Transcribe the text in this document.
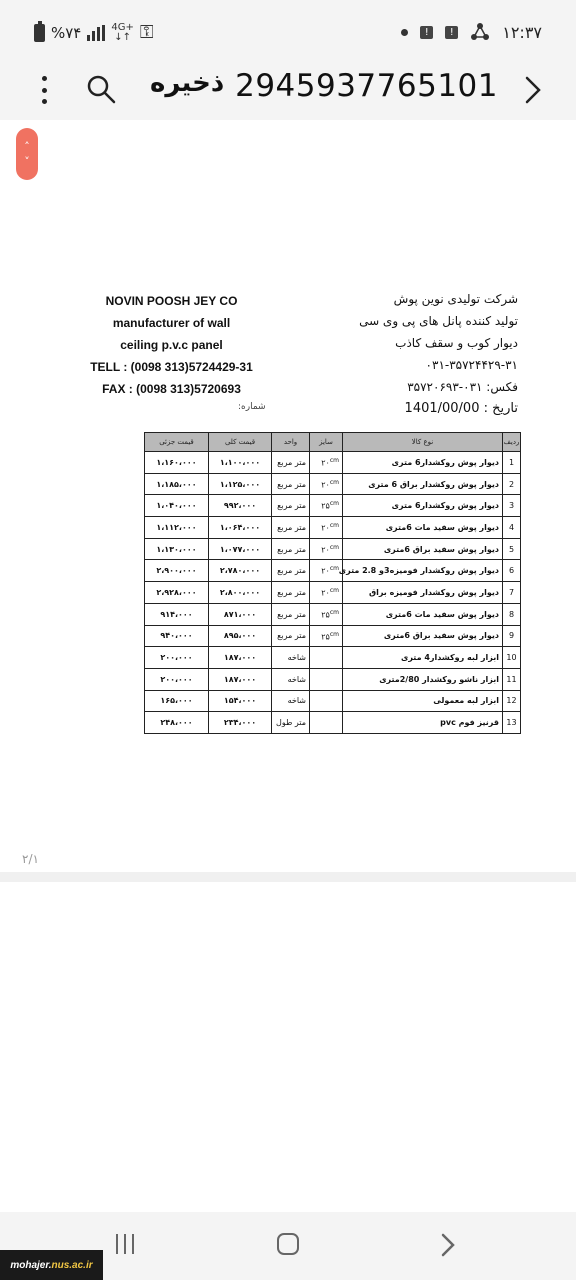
%۷۴	4G+
↓↑ ⚿	!	!	۱۲:۳۷
ذخیره 2945937765101
NOVIN POOSH JEY CO
manufacturer of wall
ceiling p.v.c panel
TELL : (0098 313)5724429-31
FAX : (0098 313)5720693
شرکت تولیدی نوین پوش
تولید کننده پانل های پی وی سی
دیوار کوب و سقف کاذب
۰۳۱-۳۵۷۲۴۴۲۹-۳۱
فکس: ۰۳۱-۳۵۷۲۰۶۹۳
تاریخ : 1401/00/00
شماره:
ردیف	نوع کالا	سایز	واحد	قیمت کلی	قیمت جزئی
1	دیوار پوش روکشدار6 متری	$۲۰^{cm}$	متر مربع	۱،۱۰۰،۰۰۰	۱،۱۶۰،۰۰۰
2	دیوار پوش روکشدار براق 6 متری	$۲۰^{cm}$	متر مربع	۱،۱۲۵،۰۰۰	۱،۱۸۵،۰۰۰
3	دیوار پوش روکشدار6 متری	$۲۵^{cm}$	متر مربع	۹۹۲،۰۰۰	۱،۰۴۰،۰۰۰
4	دیوار پوش سفید مات 6متری	$۲۰^{cm}$	متر مربع	۱،۰۶۴،۰۰۰	۱،۱۱۲،۰۰۰
5	دیوار پوش سفید براق 6متری	$۲۰^{cm}$	متر مربع	۱،۰۷۷،۰۰۰	۱،۱۳۰،۰۰۰
6	دیوار پوش روکشدار فومیزه3و 2.8 متری	$۲۰^{cm}$	متر مربع	۲،۷۸۰،۰۰۰	۲،۹۰۰،۰۰۰
7	دیوار پوش روکشدار فومیزه براق	$۲۰^{cm}$	متر مربع	۲،۸۰۰،۰۰۰	۲،۹۲۸،۰۰۰
8	دیوار پوش سفید مات 6متری	$۲۵^{cm}$	متر مربع	۸۷۱،۰۰۰	۹۱۴،۰۰۰
9	دیوار پوش سفید براق 6متری	$۲۵^{cm}$	متر مربع	۸۹۵،۰۰۰	۹۴۰،۰۰۰
10	ابزار لبه روکشدار4 متری		شاخه	۱۸۷،۰۰۰	۲۰۰،۰۰۰
11	ابزار ناشو روکشدار 2/80متری		شاخه	۱۸۷،۰۰۰	۲۰۰،۰۰۰
12	ابزار لبه معمولی		شاخه	۱۵۴،۰۰۰	۱۶۵،۰۰۰
13	قرنیز فوم pvc		متر طول	۲۳۴،۰۰۰	۲۴۸،۰۰۰
۲/۱
˄
˅
mohajer. nus.ac.ir
